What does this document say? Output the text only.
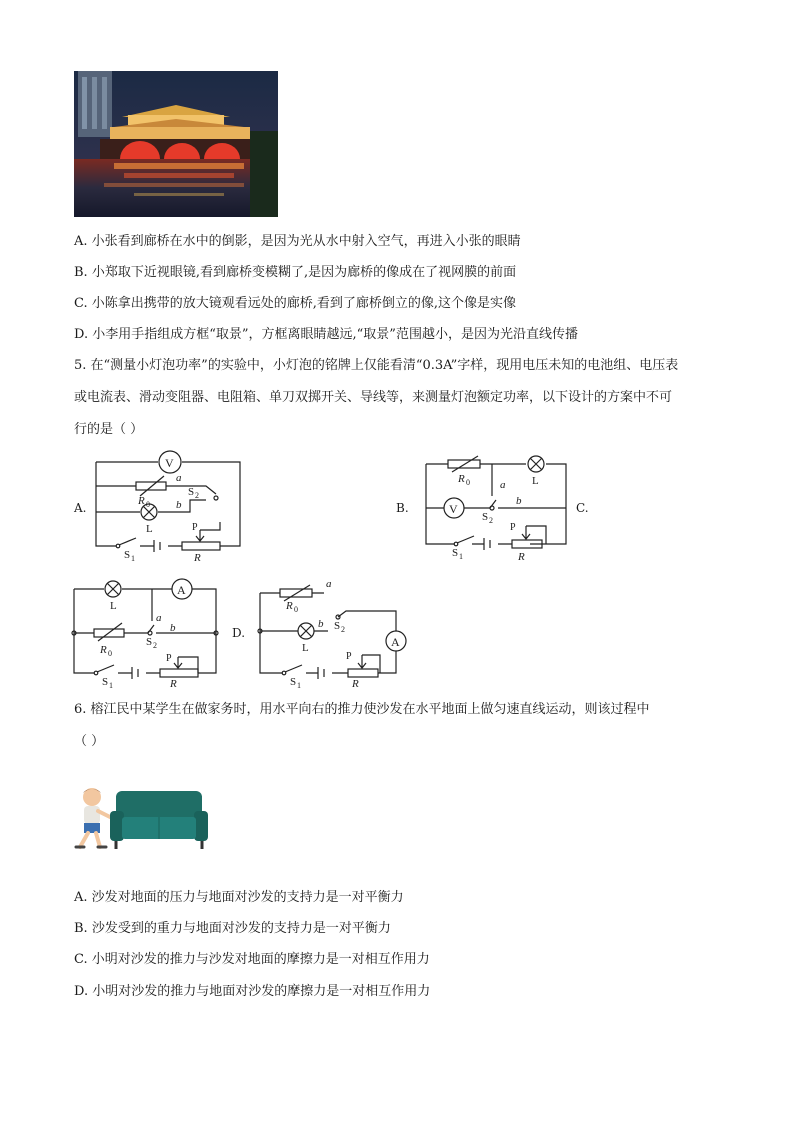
A. 小张看到廊桥在水中的倒影，是因为光从水中射入空气，再进入小张的眼睛
B. 小郑取下近视眼镜,看到廊桥变模糊了,是因为廊桥的像成在了视网膜的前面
C. 小陈拿出携带的放大镜观看远处的廊桥,看到了廊桥倒立的像,这个像是实像
D. 小李用手指组成方框“取景”，方框离眼睛越远,“取景”范围越小，是因为光沿直线传播
5. 在“测量小灯泡功率”的实验中，小灯泡的铭牌上仅能看清“0.3A”字样，现用电压未知的电池组、电压表
或电流表、滑动变阻器、电阻箱、单刀双掷开关、导线等，来测量灯泡额定功率，以下设计的方案中不可
行的是（ ）
A.	B.	C.
D.
V
R 0
a
S 2
b
L
S 1
P
R
R 0	L
a
V
S 2
b
S 1
P
R
L
A
a
R 0
S 2
b
S 1
P
R
a
R 0
S 2
b
L	A
S 1
P
R
6. 榕江民中某学生在做家务时，用水平向右的推力使沙发在水平地面上做匀速直线运动，则该过程中
（ ）
A. 沙发对地面的压力与地面对沙发的支持力是一对平衡力
B. 沙发受到的重力与地面对沙发的支持力是一对平衡力
C. 小明对沙发的推力与沙发对地面的摩擦力是一对相互作用力
D. 小明对沙发的推力与地面对沙发的摩擦力是一对相互作用力
